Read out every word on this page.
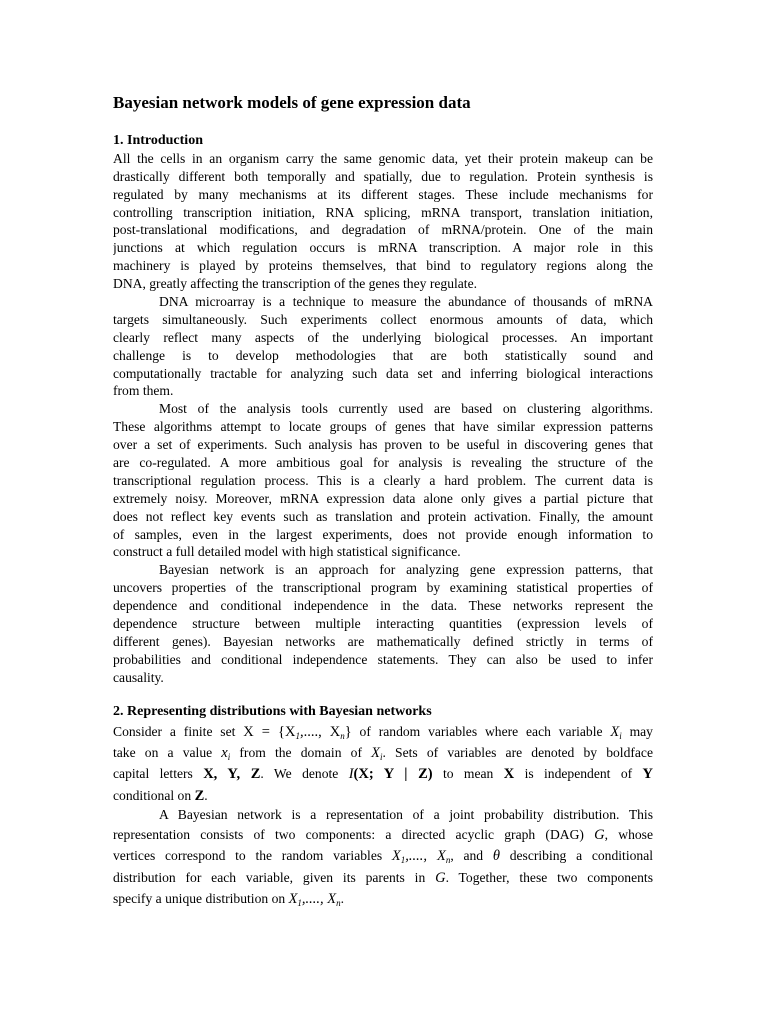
Bayesian network models of gene expression data
1. Introduction
All the cells in an organism carry the same genomic data, yet their protein makeup can be
drastically different both temporally and spatially, due to regulation. Protein synthesis is
regulated by many mechanisms at its different stages. These include mechanisms for
controlling transcription initiation, RNA splicing, mRNA transport, translation initiation,
post-translational modifications, and degradation of mRNA/protein. One of the main
junctions at which regulation occurs is mRNA transcription. A major role in this
machinery is played by proteins themselves, that bind to regulatory regions along the
DNA, greatly affecting the transcription of the genes they regulate.
DNA microarray is a technique to measure the abundance of thousands of mRNA
targets simultaneously. Such experiments collect enormous amounts of data, which
clearly reflect many aspects of the underlying biological processes. An important
challenge is to develop methodologies that are both statistically sound and
computationally tractable for analyzing such data set and inferring biological interactions
from them.
Most of the analysis tools currently used are based on clustering algorithms.
These algorithms attempt to locate groups of genes that have similar expression patterns
over a set of experiments. Such analysis has proven to be useful in discovering genes that
are co-regulated. A more ambitious goal for analysis is revealing the structure of the
transcriptional regulation process. This is a clearly a hard problem. The current data is
extremely noisy. Moreover, mRNA expression data alone only gives a partial picture that
does not reflect key events such as translation and protein activation. Finally, the amount
of samples, even in the largest experiments, does not provide enough information to
construct a full detailed model with high statistical significance.
Bayesian network is an approach for analyzing gene expression patterns, that
uncovers properties of the transcriptional program by examining statistical properties of
dependence and conditional independence in the data. These networks represent the
dependence structure between multiple interacting quantities (expression levels of
different genes). Bayesian networks are mathematically defined strictly in terms of
probabilities and conditional independence statements. They can also be used to infer
causality.
2. Representing distributions with Bayesian networks
Consider a finite set $X = \{X_1$,...., $X_n$} of random variables where each variable $X_i$ may
take on a value $x_i$ from the domain of $X_i$. Sets of variables are denoted by boldface
capital letters X, Y, Z. We denote I(X; Y | Z) to mean X is independent of Y
conditional on Z.
A Bayesian network is a representation of a joint probability distribution. This
representation consists of two components: a directed acyclic graph (DAG) G, whose
vertices correspond to the random variables $X_1$,...., $X_n$, and θ describing a conditional
distribution for each variable, given its parents in G. Together, these two components
specify a unique distribution on $X_1$,...., $X_n$.
